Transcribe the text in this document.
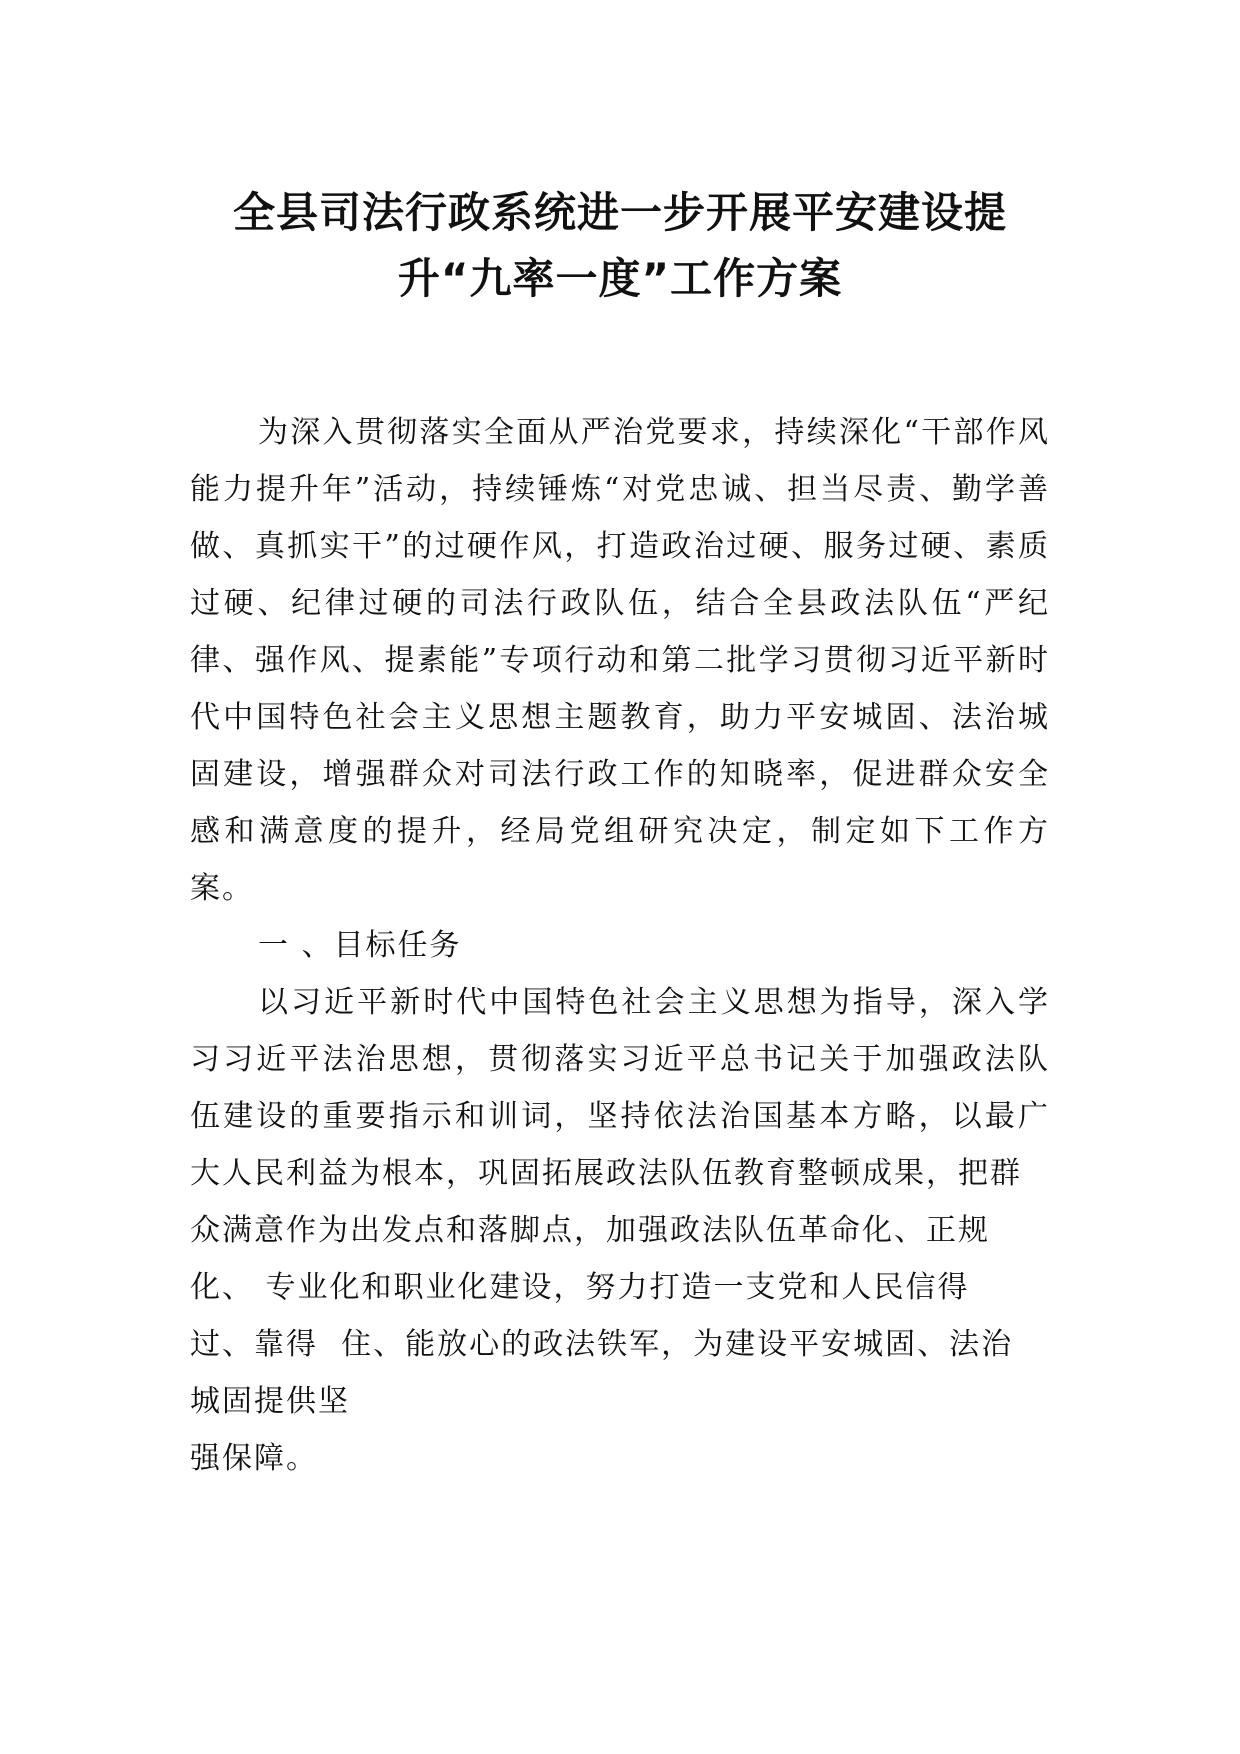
全县司法行政系统进一步开展平安建设提
升“九率一度”工作方案

为深入贯彻落实全面从严治党要求，持续深化“干部作风能力提升年”活动，持续锤炼“对党忠诚、担当尽责、勤学善做、真抓实干”的过硬作风，打造政治过硬、服务过硬、素质过硬、纪律过硬的司法行政队伍，结合全县政法队伍“严纪律、强作风、提素能”专项行动和第二批学习贯彻习近平新时代中国特色社会主义思想主题教育，助力平安城固、法治城固建设，增强群众对司法行政工作的知晓率，促进群众安全感和满意度的提升，经局党组研究决定，制定如下工作方案。

一 、目标任务

以习近平新时代中国特色社会主义思想为指导，深入学习习近平法治思想，贯彻落实习近平总书记关于加强政法队伍建设的重要指示和训词，坚持依法治国基本方略，以最广大人民利益为根本，巩固拓展政法队伍教育整顿成果，把群

众满意作为出发点和落脚点，加强政法队伍革命化、正规
化、 专业化和职业化建设，努力打造一支党和人民信得
过、靠得  住、能放心的政法铁军，为建设平安城固、法治
城固提供坚
强保障。
